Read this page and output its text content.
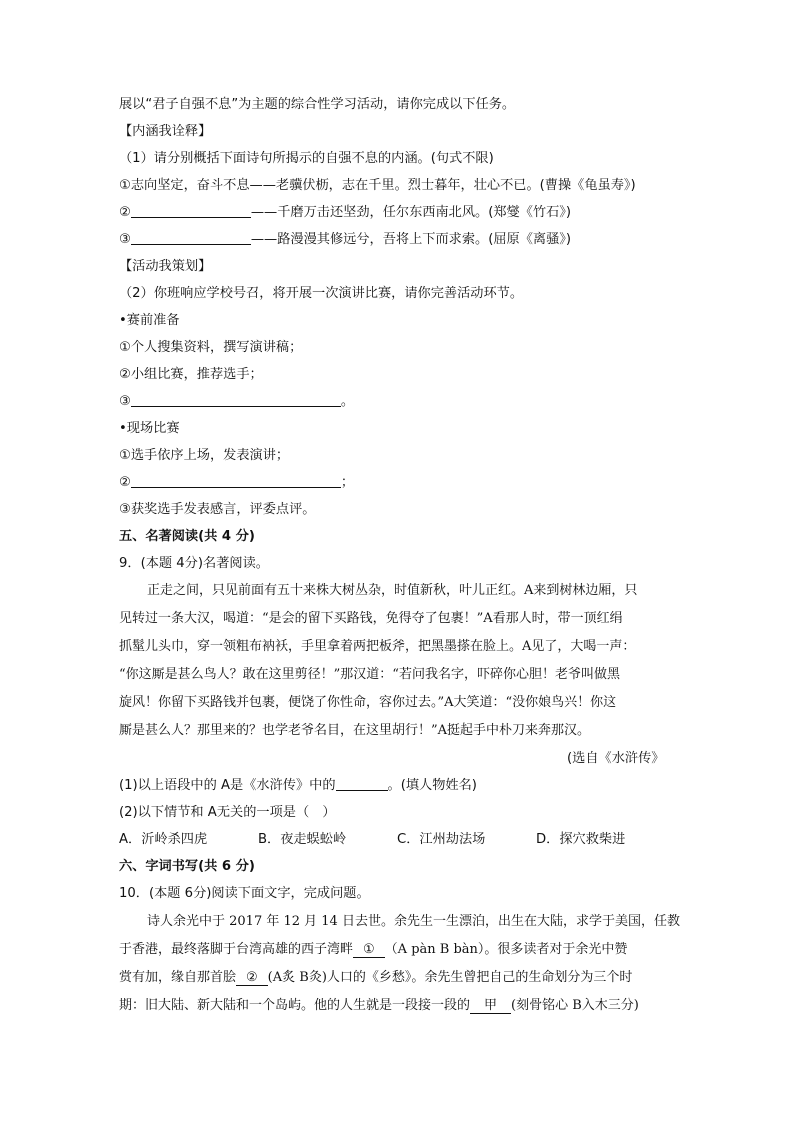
展以“君子自强不息”为主题的综合性学习活动，请你完成以下任务。
【内涵我诠释】
（1）请分别概括下面诗句所揭示的自强不息的内涵。(句式不限)
①志向坚定，奋斗不息——老骥伏枥，志在千里。烈士暮年，壮心不已。(曹操《龟虽寿》)
②	——千磨万击还坚劲，任尔东西南北风。(郑燮《竹石》)
③	——路漫漫其修远兮，吾将上下而求索。(屈原《离骚》)
【活动我策划】
（2）你班响应学校号召，将开展一次演讲比赛，请你完善活动环节。
•赛前准备
①个人搜集资料，撰写演讲稿；
②小组比赛，推荐选手；
③	。
•现场比赛
①选手依序上场，发表演讲；
②	；
③获奖选手发表感言，评委点评。
五、名著阅读(共 4 分)
9．(本题 4分)名著阅读。
正走之间，只见前面有五十来株大树丛杂，时值新秋，叶儿正红。A来到树林边厢，只
见转过一条大汉，喝道：“是会的留下买路钱，免得夺了包裹！”A看那人时，带一顶红绢
抓髽儿头巾，穿一领粗布衲袄，手里拿着两把板斧，把黑墨搽在脸上。A见了，大喝一声：
“你这厮是甚么鸟人？敢在这里剪径！”那汉道：“若问我名字，吓碎你心胆！老爷叫做黑
旋风！你留下买路钱并包裹，便饶了你性命，容你过去。”A大笑道：“没你娘鸟兴！你这
厮是甚么人？那里来的？也学老爷名目，在这里胡行！”A挺起手中朴刀来奔那汉。
(选自《水浒传》
(1)以上语段中的 A是《水浒传》中的	。(填人物姓名)
(2)以下情节和 A无关的一项是（　）
A．沂岭杀四虎	B．夜走蜈蚣岭	C．江州劫法场	D．探穴救柴进
六、字词书写(共 6 分)
10．(本题 6分)阅读下面文字，完成问题。
诗人余光中于 2017 年 12 月 14 日去世。余先生一生漂泊，出生在大陆，求学于美国，任教
于香港，最终落脚于台湾高雄的西子湾畔 ① （A pàn B bàn）。很多读者对于余光中赞
赏有加，缘自那首脍 ② (A炙 B灸)人口的《乡愁》。余先生曾把自己的生命划分为三个时
期：旧大陆、新大陆和一个岛屿。他的人生就是一段接一段的 甲 (刻骨铭心 B入木三分)
